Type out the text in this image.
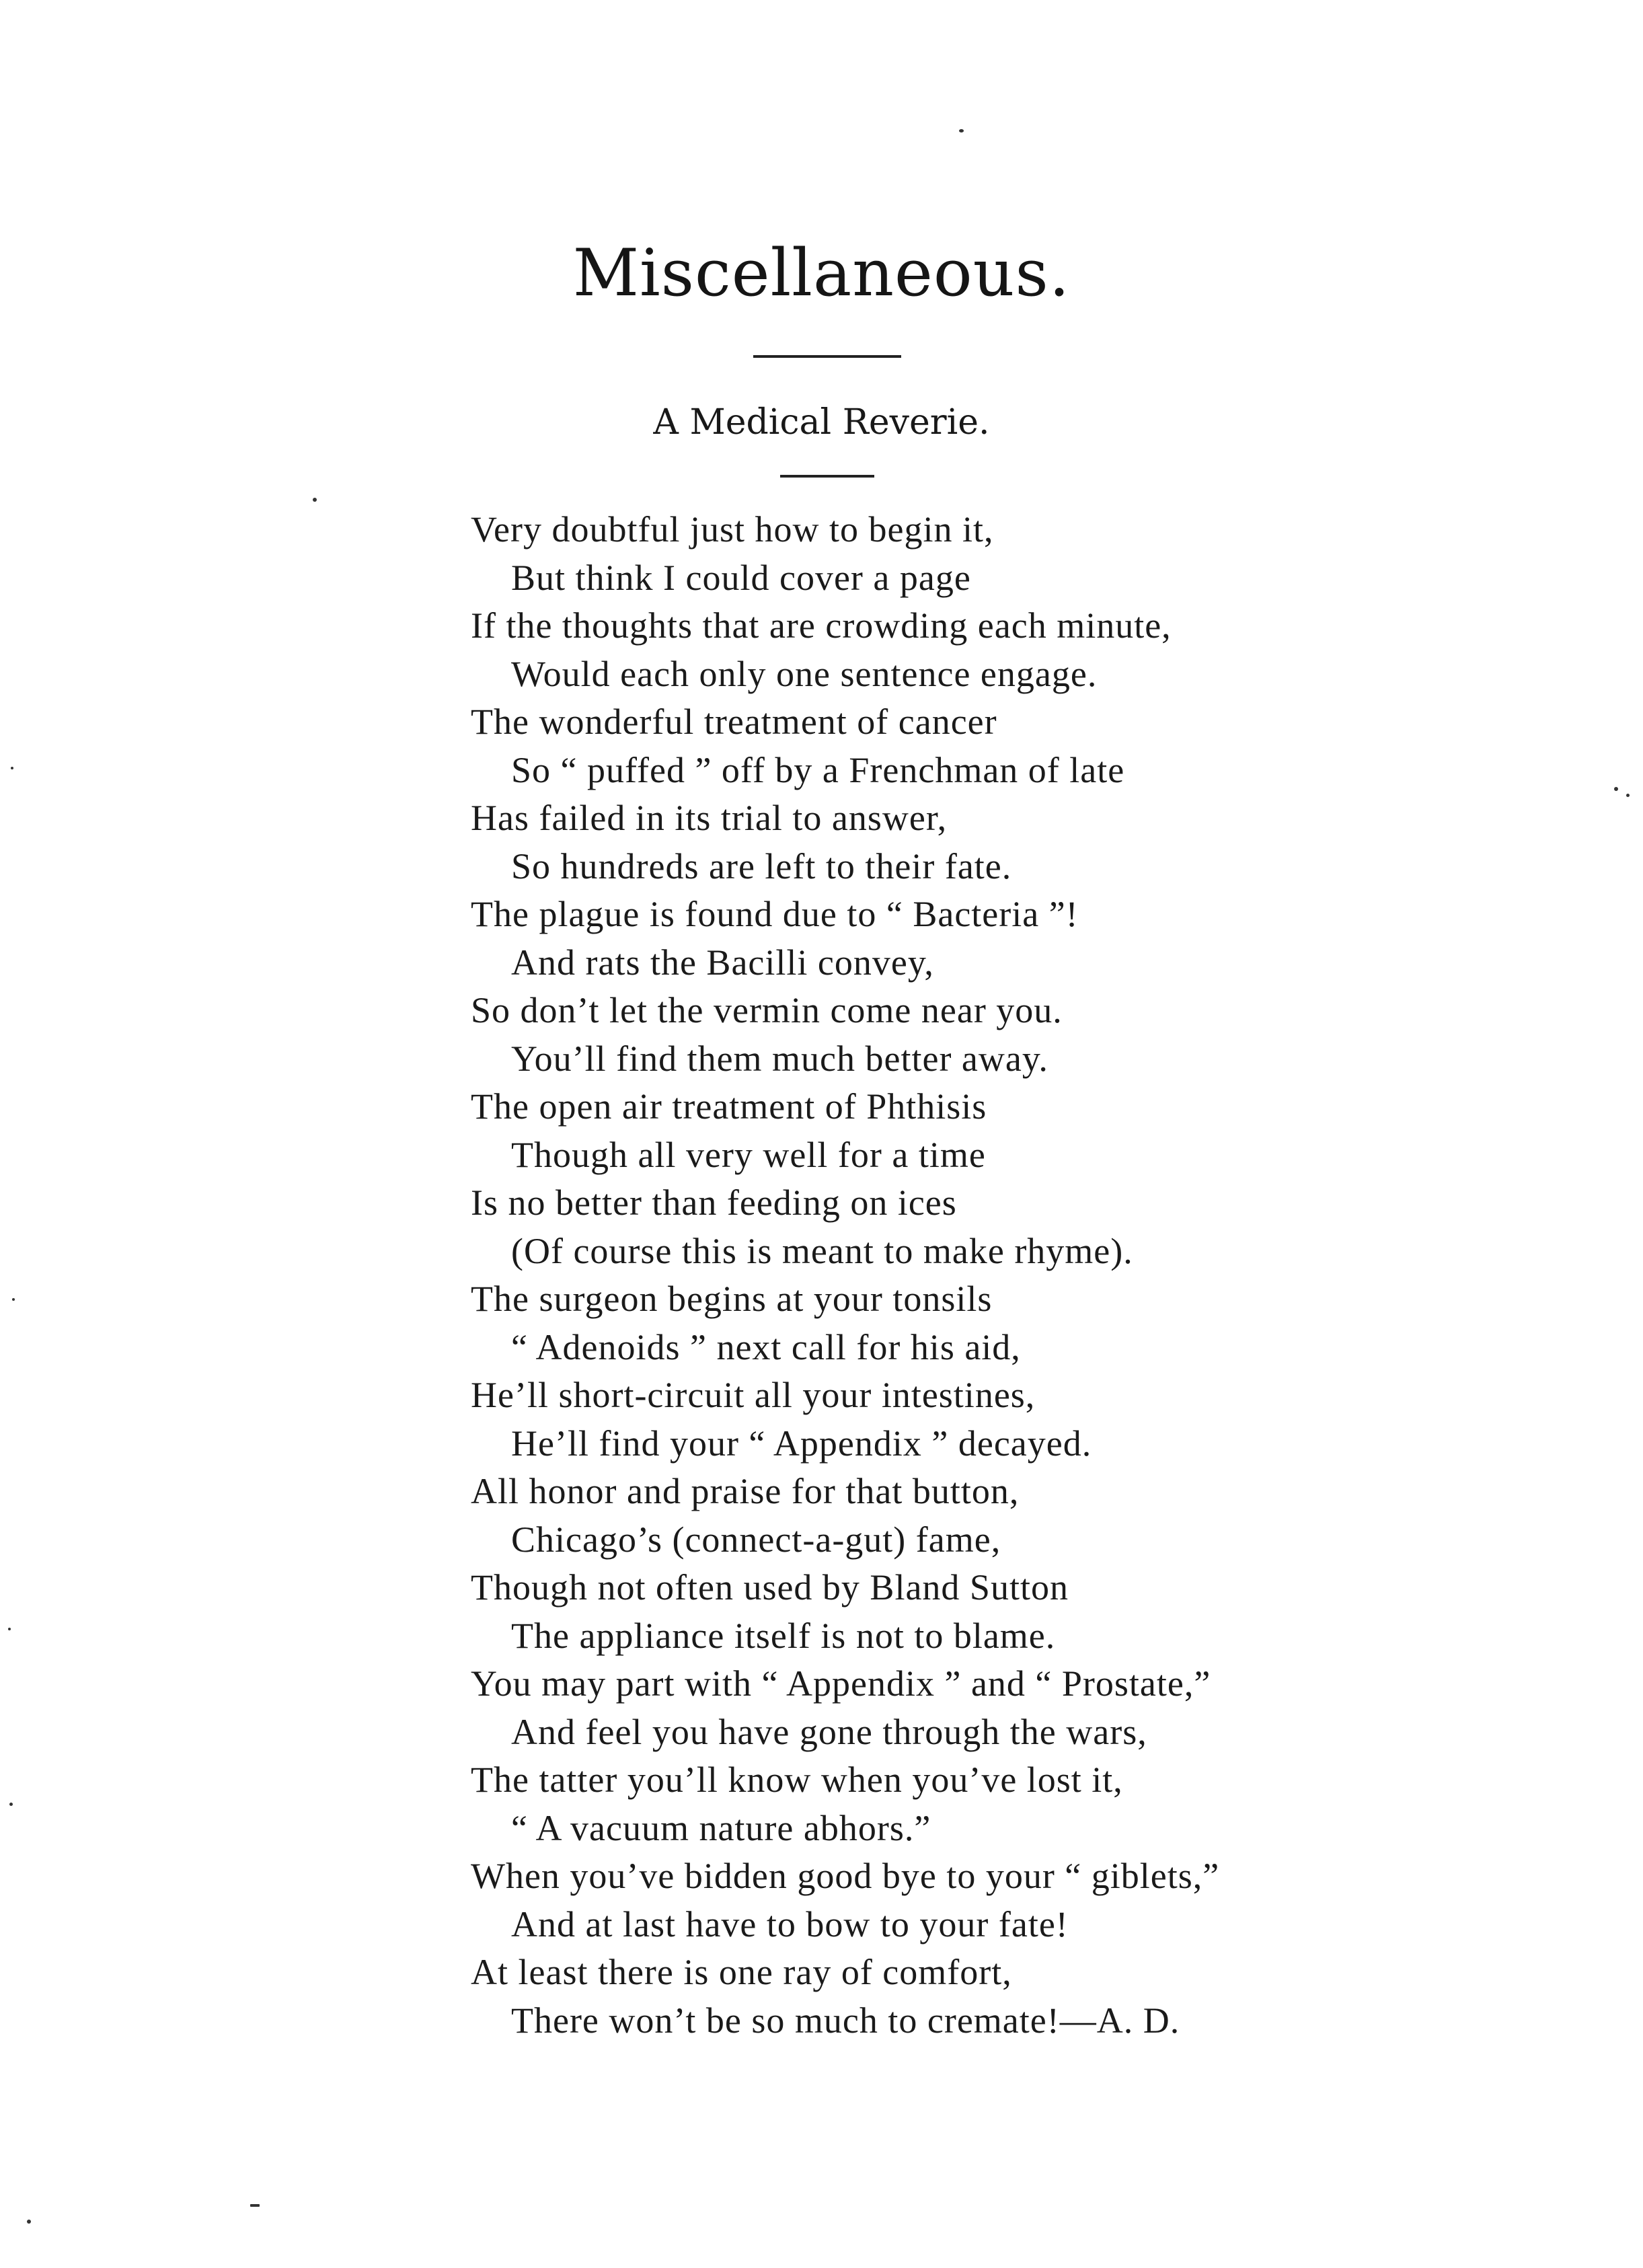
Miscellaneous.
A Medical Reverie.
Very doubtful just how to begin it,
But think I could cover a page
If the thoughts that are crowding each minute,
Would each only one sentence engage.
The wonderful treatment of cancer
So “ puffed ” off by a Frenchman of late
Has failed in its trial to answer,
So hundreds are left to their fate.
The plague is found due to “ Bacteria ”!
And rats the Bacilli convey,
So don’t let the vermin come near you.
You’ll find them much better away.
The open air treatment of Phthisis
Though all very well for a time
Is no better than feeding on ices
(Of course this is meant to make rhyme).
The surgeon begins at your tonsils
“ Adenoids ” next call for his aid,
He’ll short-circuit all your intestines,
He’ll find your “ Appendix ” decayed.
All honor and praise for that button,
Chicago’s (connect-a-gut) fame,
Though not often used by Bland Sutton
The appliance itself is not to blame.
You may part with “ Appendix ” and “ Prostate,”
And feel you have gone through the wars,
The tatter you’ll know when you’ve lost it,
“ A vacuum nature abhors.”
When you’ve bidden good bye to your “ giblets,”
And at last have to bow to your fate!
At least there is one ray of comfort,
There won’t be so much to cremate!—A. D.
